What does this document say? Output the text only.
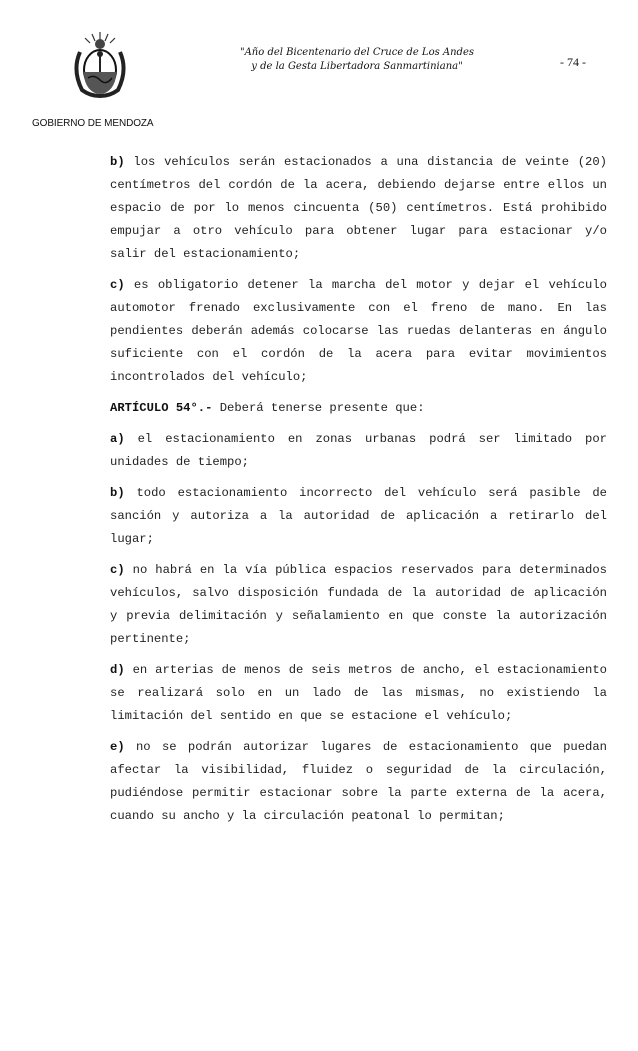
"Año del Bicentenario del Cruce de Los Andes
y de la Gesta Libertadora Sanmartiniana"	- 74 -
GOBIERNO DE MENDOZA

b) los vehículos serán estacionados a una distancia de veinte (20) centímetros del cordón de la acera, debiendo dejarse entre ellos un espacio de por lo menos cincuenta (50) centímetros. Está prohibido empujar a otro vehículo para obtener lugar para estacionar y/o salir del estacionamiento;

c) es obligatorio detener la marcha del motor y dejar el vehículo automotor frenado exclusivamente con el freno de mano. En las pendientes deberán además colocarse las ruedas delanteras en ángulo suficiente con el cordón de la acera para evitar movimientos incontrolados del vehículo;

ARTÍCULO 54°.- Deberá tenerse presente que:

a) el estacionamiento en zonas urbanas podrá ser limitado por unidades de tiempo;

b) todo estacionamiento incorrecto del vehículo será pasible de sanción y autoriza a la autoridad de aplicación a retirarlo del lugar;

c) no habrá en la vía pública espacios reservados para determinados vehículos, salvo disposición fundada de la autoridad de aplicación y previa delimitación y señalamiento en que conste la autorización pertinente;

d) en arterias de menos de seis metros de ancho, el estacionamiento se realizará solo en un lado de las mismas, no existiendo la limitación del sentido en que se estacione el vehículo;

e) no se podrán autorizar lugares de estacionamiento que puedan afectar la visibilidad, fluidez o seguridad de la circulación, pudiéndose permitir estacionar sobre la parte externa de la acera, cuando su ancho y la circulación peatonal lo permitan;
